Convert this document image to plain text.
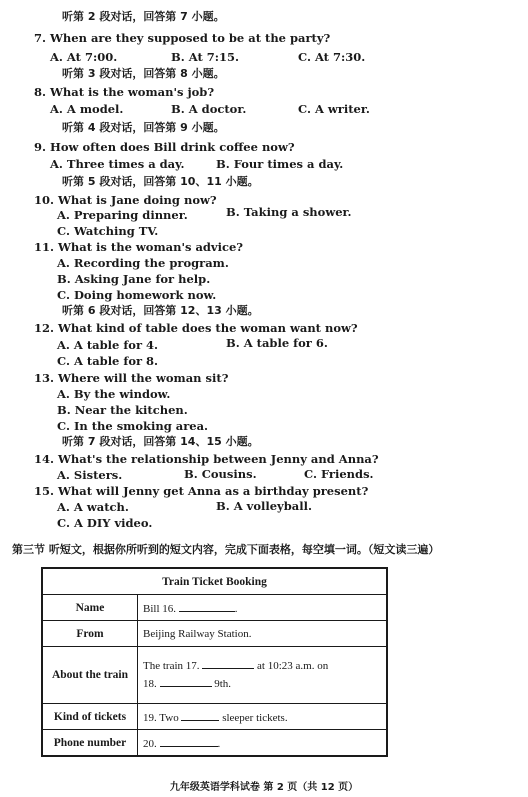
听第 2 段对话，回答第 7 小题。
7. When are they supposed to be at the party?
A. At 7:00.	B. At 7:15.	C. At 7:30.
听第 3 段对话，回答第 8 小题。
8. What is the woman's job?
A. A model.	B. A doctor.	C. A writer.
听第 4 段对话，回答第 9 小题。
9. How often does Bill drink coffee now?
A. Three times a day.	B. Four times a day.
听第 5 段对话，回答第 10、11 小题。
10. What is Jane doing now?
A. Preparing dinner.	B. Taking a shower.
C. Watching TV.
11. What is the woman's advice?
A. Recording the program.
B. Asking Jane for help.
C. Doing homework now.
听第 6 段对话，回答第 12、13 小题。
12. What kind of table does the woman want now?
A. A table for 4.	B. A table for 6.
C. A table for 8.
13. Where will the woman sit?
A. By the window.
B. Near the kitchen.
C. In the smoking area.
听第 7 段对话，回答第 14、15 小题。
14. What's the relationship between Jenny and Anna?
A. Sisters.	B. Cousins.	C. Friends.
15. What will Jenny get Anna as a birthday present?
A. A watch.	B. A volleyball.
C. A DIY video.
第三节 听短文，根据你所听到的短文内容，完成下面表格，每空填一词。（短文读三遍）
Train Ticket Booking	
Name	Bill 16. .
From	Beijing Railway Station.
About the train	The train 17. at 10:23 a.m. on
18. 9th.

Kind of tickets	19. Two sleeper tickets.
Phone number	20. .
九年级英语学科试卷 第 2 页（共 12 页）
